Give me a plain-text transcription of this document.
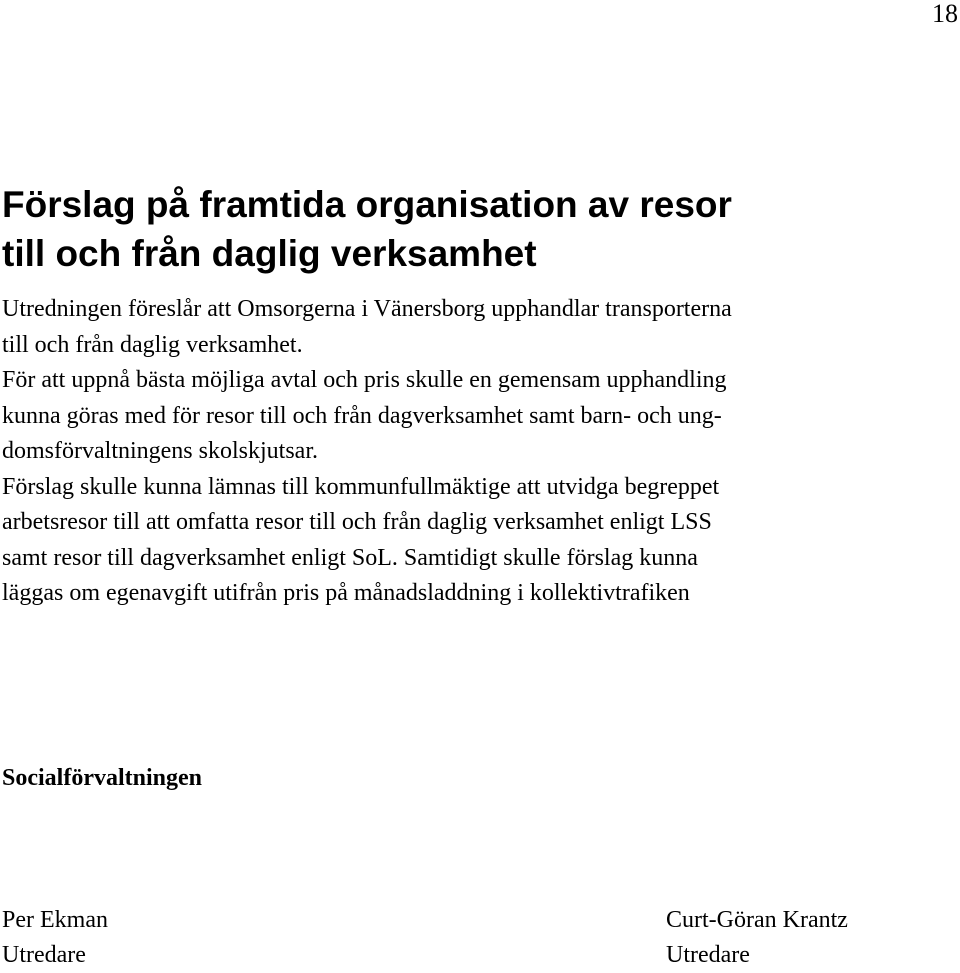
18
Förslag på framtida organisation av resor
till och från daglig verksamhet
Utredningen föreslår att Omsorgerna i Vänersborg upphandlar transporterna
till och från daglig verksamhet.
För att uppnå bästa möjliga avtal och pris skulle en gemensam upphandling
kunna göras med för resor till och från dagverksamhet samt barn- och ung-
domsförvaltningens skolskjutsar.
Förslag skulle kunna lämnas till kommunfullmäktige att utvidga begreppet
arbetsresor till att omfatta resor till och från daglig verksamhet enligt LSS
samt resor till dagverksamhet enligt SoL. Samtidigt skulle förslag kunna
läggas om egenavgift utifrån pris på månadsladdning i kollektivtrafiken
Socialförvaltningen
Per Ekman
Utredare
Curt-Göran Krantz
Utredare
